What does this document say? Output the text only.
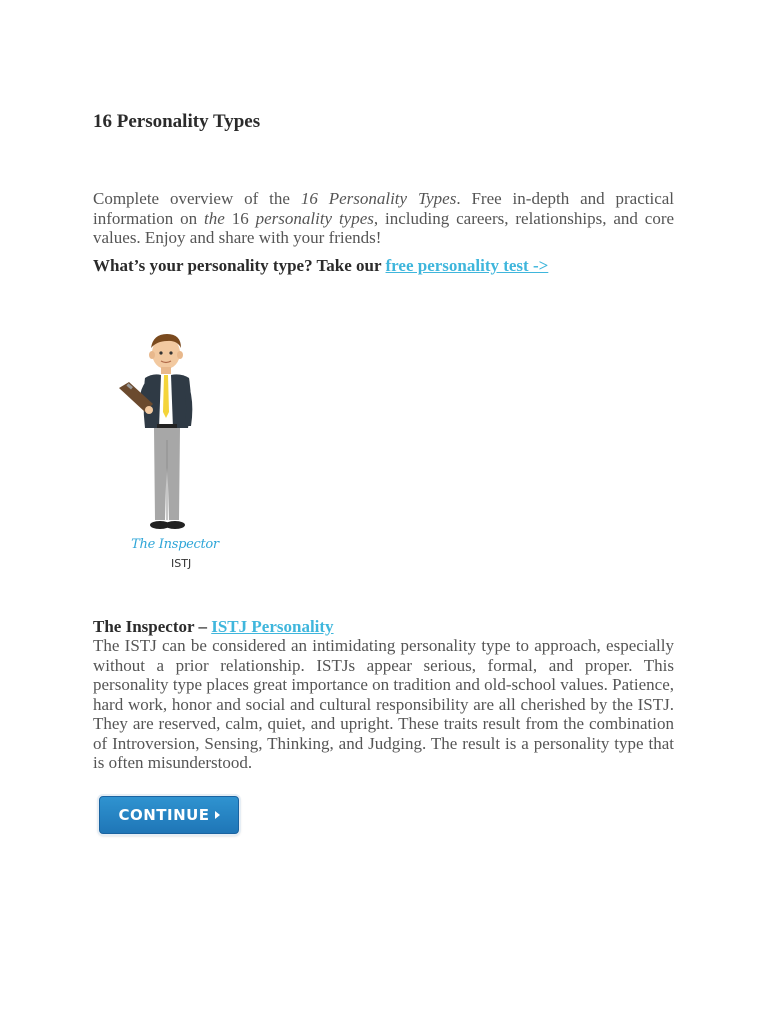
16 Personality Types

Complete overview of the 16 Personality Types. Free in-depth and practical information on the 16 personality types, including careers, relationships, and core values. Enjoy and share with your friends!

What’s your personality type? Take our free personality test ->

The Inspector
ISTJ

The Inspector – ISTJ Personality

The ISTJ can be considered an intimidating personality type to approach, especially without a prior relationship. ISTJs appear serious, formal, and proper. This personality type places great importance on tradition and old-school values. Patience, hard work, honor and social and cultural responsibility are all cherished by the ISTJ. They are reserved, calm, quiet, and upright. These traits result from the combination of Introversion, Sensing, Thinking, and Judging. The result is a personality type that is often misunderstood.

CONTINUE
